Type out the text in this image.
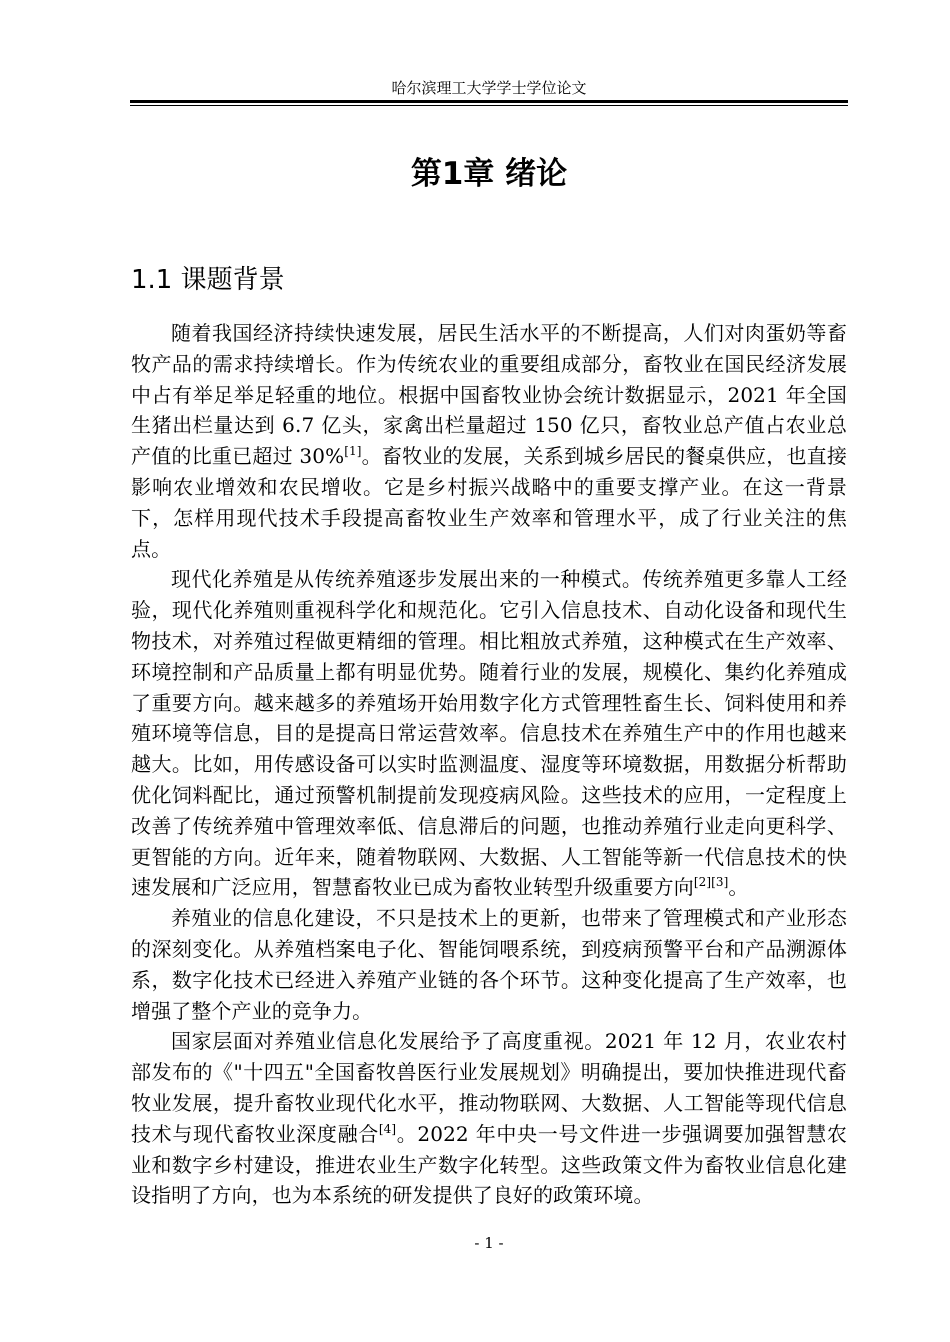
哈尔滨理工大学学士学位论文
第1章 绪论
1.1 课题背景

随着我国经济持续快速发展，居民生活水平的不断提高，人们对肉蛋奶等畜牧产品的需求持续增长。作为传统农业的重要组成部分，畜牧业在国民经济发展中占有举足举足轻重的地位。根据中国畜牧业协会统计数据显示，2021 年全国生猪出栏量达到 6.7 亿头，家禽出栏量超过 150 亿只，畜牧业总产值占农业总产值的比重已超过 30%[1]。畜牧业的发展，关系到城乡居民的餐桌供应，也直接影响农业增效和农民增收。它是乡村振兴战略中的重要支撑产业。在这一背景下，怎样用现代技术手段提高畜牧业生产效率和管理水平，成了行业关注的焦点。

现代化养殖是从传统养殖逐步发展出来的一种模式。传统养殖更多靠人工经验，现代化养殖则重视科学化和规范化。它引入信息技术、自动化设备和现代生物技术，对养殖过程做更精细的管理。相比粗放式养殖，这种模式在生产效率、环境控制和产品质量上都有明显优势。随着行业的发展，规模化、集约化养殖成了重要方向。越来越多的养殖场开始用数字化方式管理牲畜生长、饲料使用和养殖环境等信息，目的是提高日常运营效率。信息技术在养殖生产中的作用也越来越大。比如，用传感设备可以实时监测温度、湿度等环境数据，用数据分析帮助优化饲料配比，通过预警机制提前发现疫病风险。这些技术的应用，一定程度上改善了传统养殖中管理效率低、信息滞后的问题，也推动养殖行业走向更科学、更智能的方向。近年来，随着物联网、大数据、人工智能等新一代信息技术的快速发展和广泛应用，智慧畜牧业已成为畜牧业转型升级重要方向[2][3]。

养殖业的信息化建设，不只是技术上的更新，也带来了管理模式和产业形态的深刻变化。从养殖档案电子化、智能饲喂系统，到疫病预警平台和产品溯源体系，数字化技术已经进入养殖产业链的各个环节。这种变化提高了生产效率，也增强了整个产业的竞争力。

国家层面对养殖业信息化发展给予了高度重视。2021 年 12 月，农业农村部发布的《"十四五"全国畜牧兽医行业发展规划》明确提出，要加快推进现代畜牧业发展，提升畜牧业现代化水平，推动物联网、大数据、人工智能等现代信息技术与现代畜牧业深度融合[4]。2022 年中央一号文件进一步强调要加强智慧农业和数字乡村建设，推进农业生产数字化转型。这些政策文件为畜牧业信息化建设指明了方向，也为本系统的研发提供了良好的政策环境。

- 1 -
